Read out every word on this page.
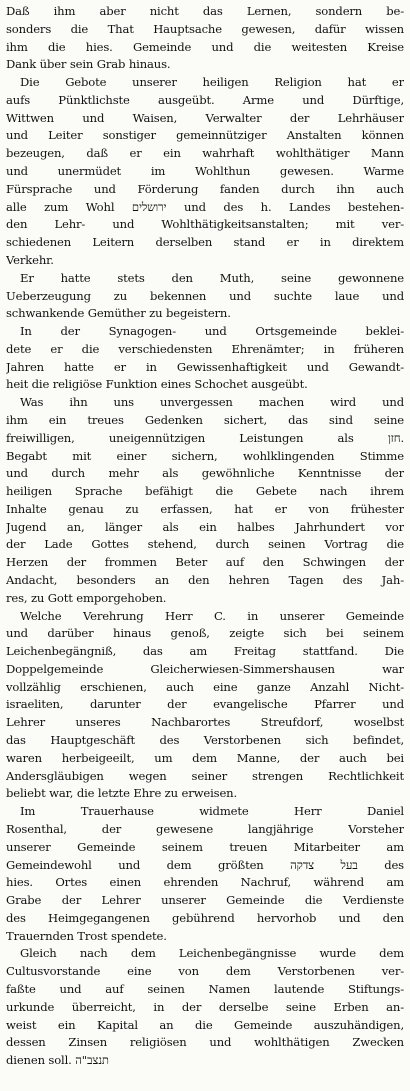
Daß ihm aber nicht das Lernen, sondern be-
sonders die That Hauptsache gewesen, dafür wissen
ihm die hies. Gemeinde und die weitesten Kreise
Dank über sein Grab hinaus.
Die Gebote unserer heiligen Religion hat er
aufs Pünktlichste ausgeübt. Arme und Dürftige,
Wittwen und Waisen, Verwalter der Lehrhäuser
und Leiter sonstiger gemeinnütziger Anstalten können
bezeugen, daß er ein wahrhaft wohlthätiger Mann
und unermüdet im Wohlthun gewesen. Warme
Fürsprache und Förderung fanden durch ihn auch
alle zum Wohl ירושלים und des h. Landes bestehen-
den Lehr- und Wohlthätigkeitsanstalten; mit ver-
schiedenen Leitern derselben stand er in direktem
Verkehr.
Er hatte stets den Muth, seine gewonnene
Ueberzeugung zu bekennen und suchte laue und
schwankende Gemüther zu begeistern.
In der Synagogen- und Ortsgemeinde beklei-
dete er die verschiedensten Ehrenämter; in früheren
Jahren hatte er in Gewissenhaftigkeit und Gewandt-
heit die religiöse Funktion eines Schochet ausgeübt.
Was ihn uns unvergessen machen wird und
ihm ein treues Gedenken sichert, das sind seine
freiwilligen, uneigennützigen Leistungen als חזן.
Begabt mit einer sichern, wohlklingenden Stimme
und durch mehr als gewöhnliche Kenntnisse der
heiligen Sprache befähigt die Gebete nach ihrem
Inhalte genau zu erfassen, hat er von frühester
Jugend an, länger als ein halbes Jahrhundert vor
der Lade Gottes stehend, durch seinen Vortrag die
Herzen der frommen Beter auf den Schwingen der
Andacht, besonders an den hehren Tagen des Jah-
res, zu Gott emporgehoben.
Welche Verehrung Herr C. in unserer Gemeinde
und darüber hinaus genoß, zeigte sich bei seinem
Leichenbegängniß, das am Freitag stattfand. Die
Doppelgemeinde Gleicherwiesen-Simmershausen war
vollzählig erschienen, auch eine ganze Anzahl Nicht-
israeliten, darunter der evangelische Pfarrer und
Lehrer unseres Nachbarortes Streufdorf, woselbst
das Hauptgeschäft des Verstorbenen sich befindet,
waren herbeigeeilt, um dem Manne, der auch bei
Andersgläubigen wegen seiner strengen Rechtlichkeit
beliebt war, die letzte Ehre zu erweisen.
Im Trauerhause widmete Herr Daniel
Rosenthal, der gewesene langjährige Vorsteher
unserer Gemeinde seinem treuen Mitarbeiter am
Gemeindewohl und dem größten בעל צדקה des
hies. Ortes einen ehrenden Nachruf, während am
Grabe der Lehrer unserer Gemeinde die Verdienste
des Heimgegangenen gebührend hervorhob und den
Trauernden Trost spendete.
Gleich nach dem Leichenbegängnisse wurde dem
Cultusvorstande eine von dem Verstorbenen ver-
faßte und auf seinen Namen lautende Stiftungs-
urkunde überreicht, in der derselbe seine Erben an-
weist ein Kapital an die Gemeinde auszuhändigen,
dessen Zinsen religiösen und wohlthätigen Zwecken
dienen soll. תנצב"ה
